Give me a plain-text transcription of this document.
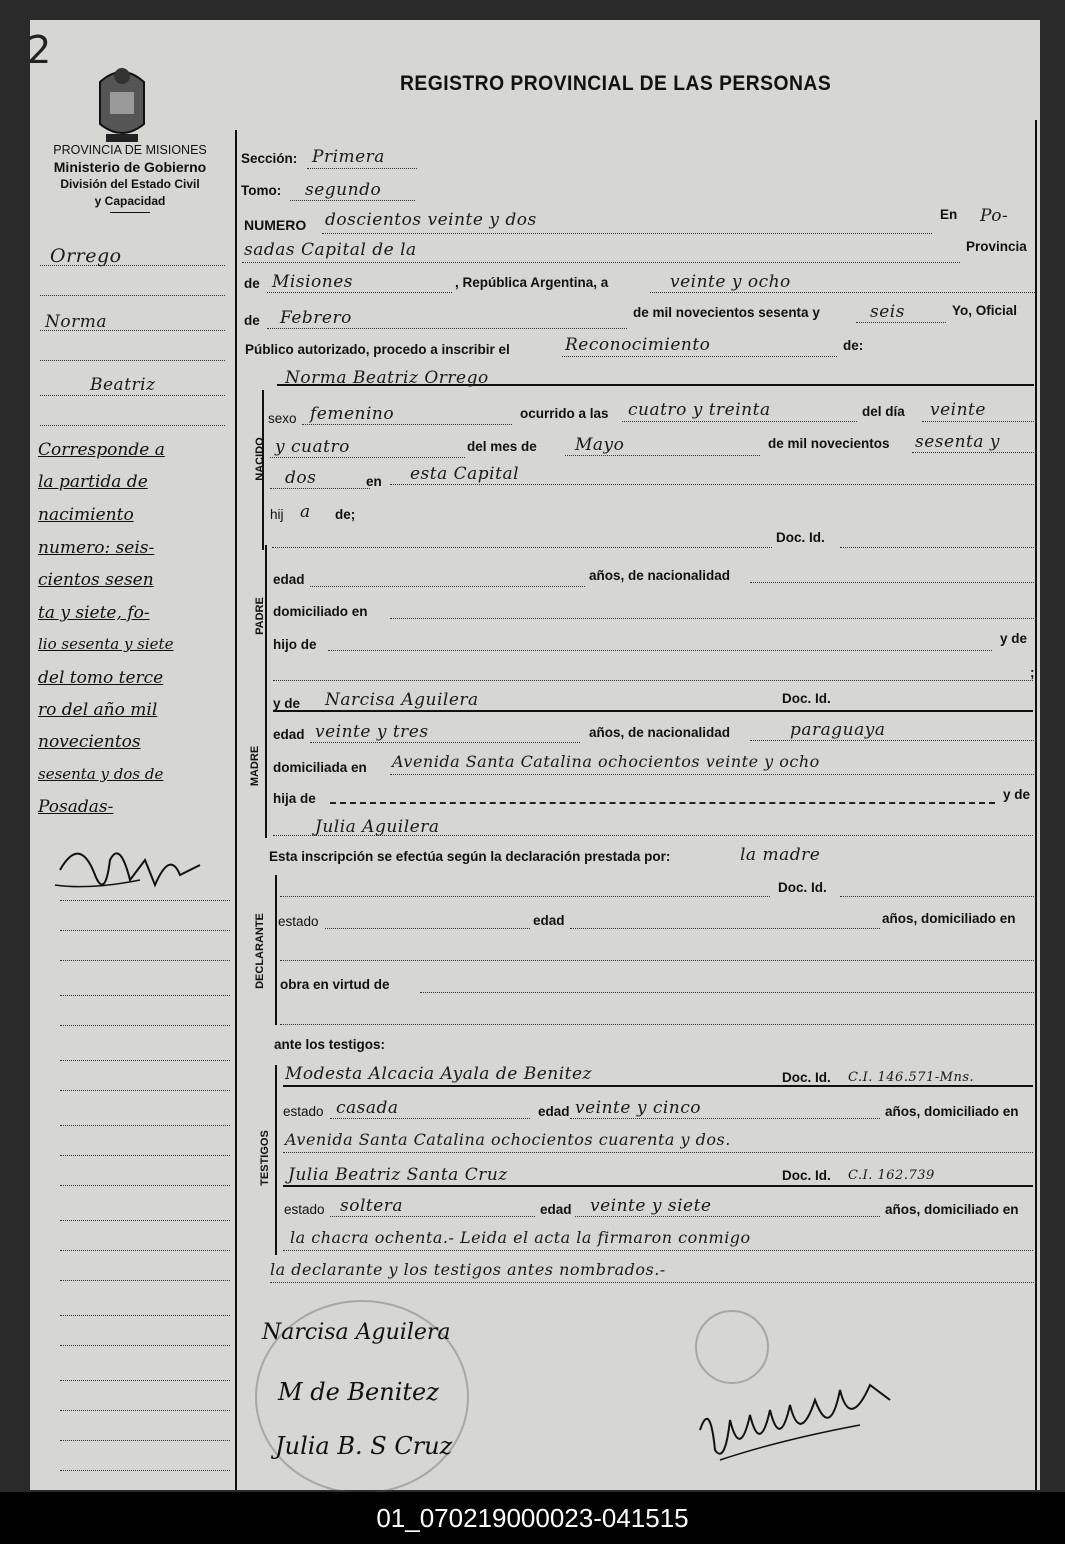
2
PROVINCIA DE MISIONES
Ministerio de Gobierno
División del Estado Civil
y Capacidad
REGISTRO PROVINCIAL DE LAS PERSONAS
Orrego
Norma
Beatriz
Corresponde a
la partida de
nacimiento
numero: seis-
cientos sesen
ta y siete, fo-
lio sesenta y siete
del tomo terce
ro del año mil
novecientos
sesenta y dos de
Posadas-
Sección: Primera
Tomo: segundo
NUMERO doscientos veinte y dos	En Po-
sadas Capital de la	Provincia
de Misiones	, República Argentina, a	veinte y ocho
de Febrero	de mil novecientos sesenta y	seis	Yo, Oficial
Público autorizado, procedo a inscribir el	Reconocimiento	de:
NACIDO
Norma Beatriz Orrego
sexo femenino	ocurrido a las cuatro y treinta	del día veinte
y cuatro	del mes de Mayo	de mil novecientos sesenta y
dos	en esta Capital
hij a de;
Doc. Id.
PADRE
edad	años, de nacionalidad
domiciliado en
hijo de	y de
;
MADRE
y de Narcisa Aguilera	Doc. Id.
edad veinte y tres	años, de nacionalidad	paraguaya
domiciliada en Avenida Santa Catalina ochocientos veinte y ocho
hija de	y de
Julia Aguilera
Esta inscripción se efectúa según la declaración prestada por:	la madre
DECLARANTE
Doc. Id.
estado	edad	años, domiciliado en
obra en virtud de
ante los testigos:
TESTIGOS
Modesta Alcacia Ayala de Benitez	Doc. Id. C.I. 146.571-Mns.
estado casada	edad veinte y cinco	años, domiciliado en
Avenida Santa Catalina ochocientos cuarenta y dos.
Julia Beatriz Santa Cruz	Doc. Id. C.I. 162.739
estado soltera	edad veinte y siete	años, domiciliado en
la chacra ochenta.- Leida el acta la firmaron conmigo
la declarante y los testigos antes nombrados.-
Narcisa Aguilera
M de Benitez
Julia B. S Cruz
01_070219000023-041515
